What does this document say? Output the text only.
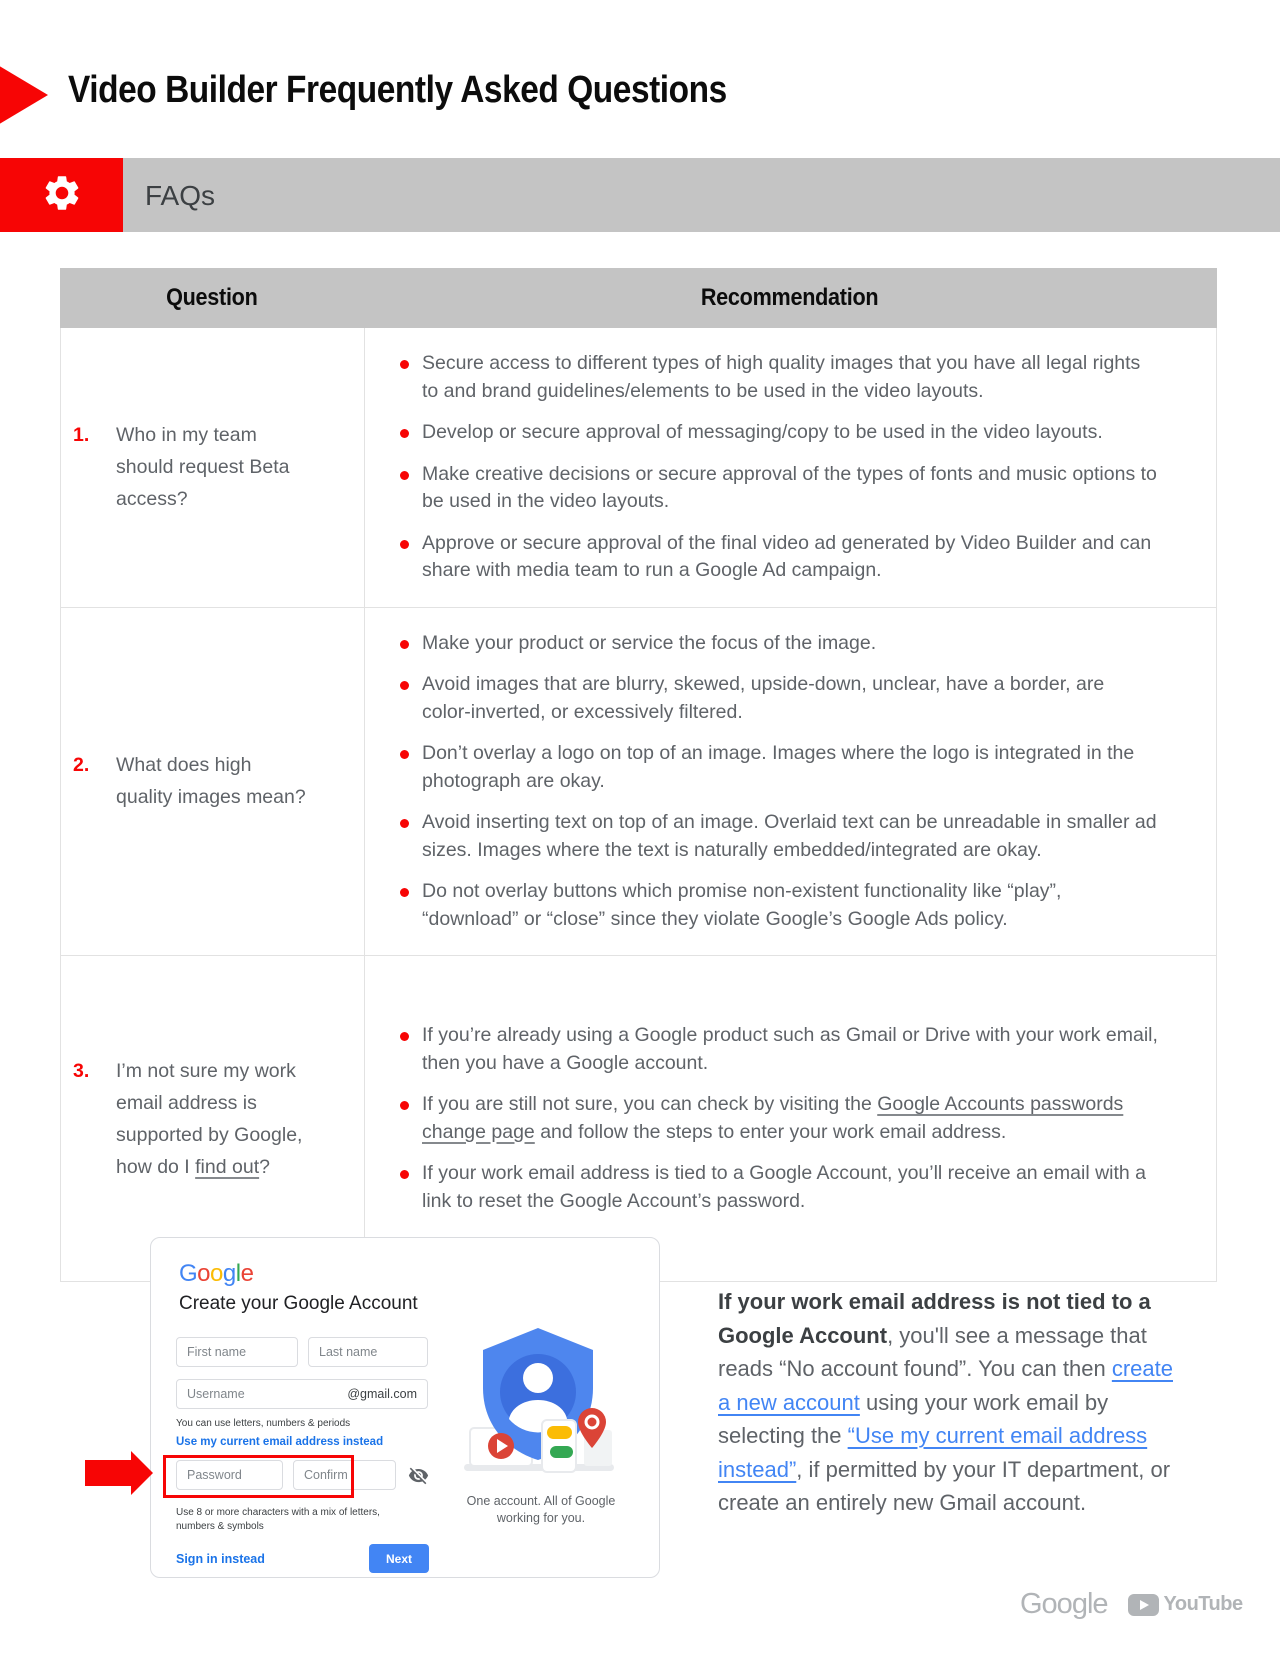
Video Builder Frequently Asked Questions
FAQs
Question	Recommendation
1.	Who in my team should request Beta access?
Secure access to different types of high quality images that you have all legal rights to and brand guidelines/elements to be used in the video layouts.
Develop or secure approval of messaging/copy to be used in the video layouts.
Make creative decisions or secure approval of the types of fonts and music options to be used in the video layouts.
Approve or secure approval of the final video ad generated by Video Builder and can share with media team to run a Google Ad campaign.
2.	What does high quality images mean?
Make your product or service the focus of the image.
Avoid images that are blurry, skewed, upside-down, unclear, have a border, are color-inverted, or excessively filtered.
Don’t overlay a logo on top of an image. Images where the logo is integrated in the photograph are okay.
Avoid inserting text on top of an image. Overlaid text can be unreadable in smaller ad sizes. Images where the text is naturally embedded/integrated are okay.
Do not overlay buttons which promise non-existent functionality like “play”, “download” or “close” since they violate Google’s Google Ads policy.
3.	I’m not sure my work email address is supported by Google, how do I find out?
If you’re already using a Google product such as Gmail or Drive with your work email, then you have a Google account.
If you are still not sure, you can check by visiting the Google Accounts passwords change page and follow the steps to enter your work email address.
If your work email address is tied to a Google Account, you’ll receive an email with a link to reset the Google Account’s password.
Google
Create your Google Account
First name	Last name
Username	@gmail.com
You can use letters, numbers & periods
Use my current email address instead
Password	Confirm
Use 8 or more characters with a mix of letters, numbers & symbols
Sign in instead	Next
One account. All of Google working for you.

If your work email address is not tied to a Google Account, you'll see a message that reads “No account found”. You can then create a new account using your work email by selecting the “Use my current email address instead”, if permitted by your IT department, or create an entirely new Gmail account.

Google	YouTube
